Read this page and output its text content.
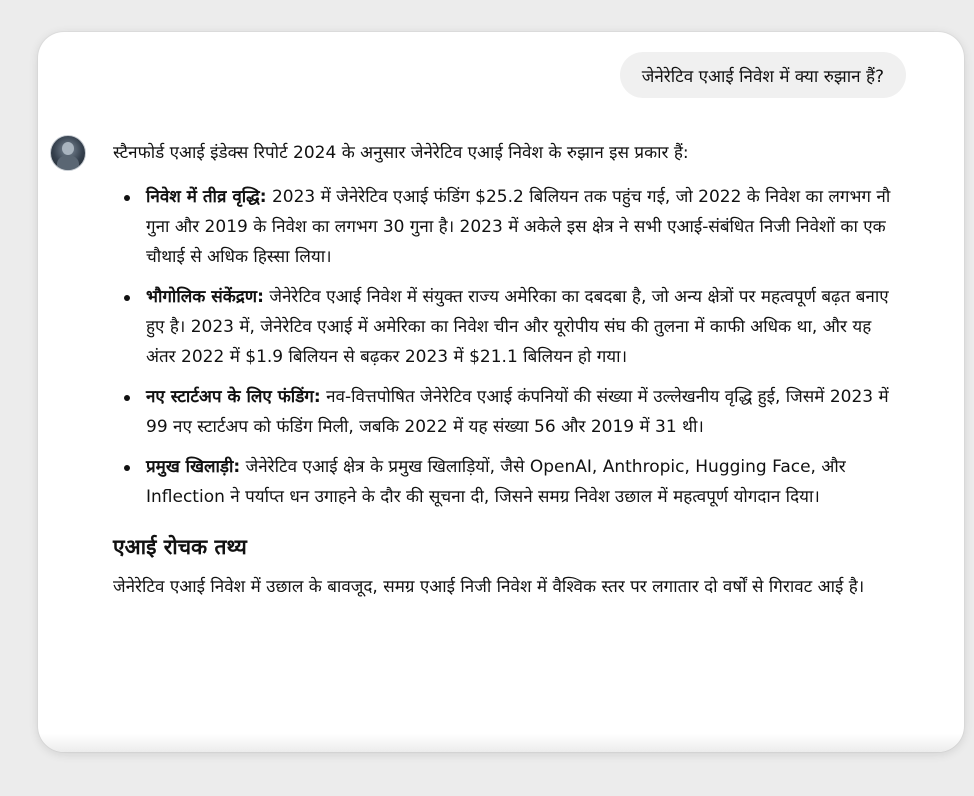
जेनेरेटिव एआई निवेश में क्या रुझान हैं?

स्टैनफोर्ड एआई इंडेक्स रिपोर्ट 2024 के अनुसार जेनेरेटिव एआई निवेश के रुझान इस प्रकार हैं:

निवेश में तीव्र वृद्धि: 2023 में जेनेरेटिव एआई फंडिंग $25.2 बिलियन तक पहुंच गई, जो 2022 के निवेश का लगभग नौ गुना और 2019 के निवेश का लगभग 30 गुना है। 2023 में अकेले इस क्षेत्र ने सभी एआई-संबंधित निजी निवेशों का एक चौथाई से अधिक हिस्सा लिया।
भौगोलिक संकेंद्रण: जेनेरेटिव एआई निवेश में संयुक्त राज्य अमेरिका का दबदबा है, जो अन्य क्षेत्रों पर महत्वपूर्ण बढ़त बनाए हुए है। 2023 में, जेनेरेटिव एआई में अमेरिका का निवेश चीन और यूरोपीय संघ की तुलना में काफी अधिक था, और यह अंतर 2022 में $1.9 बिलियन से बढ़कर 2023 में $21.1 बिलियन हो गया।
नए स्टार्टअप के लिए फंडिंग: नव-वित्तपोषित जेनेरेटिव एआई कंपनियों की संख्या में उल्लेखनीय वृद्धि हुई, जिसमें 2023 में 99 नए स्टार्टअप को फंडिंग मिली, जबकि 2022 में यह संख्या 56 और 2019 में 31 थी।
प्रमुख खिलाड़ी: जेनेरेटिव एआई क्षेत्र के प्रमुख खिलाड़ियों, जैसे OpenAI, Anthropic, Hugging Face, और Inflection ने पर्याप्त धन उगाहने के दौर की सूचना दी, जिसने समग्र निवेश उछाल में महत्वपूर्ण योगदान दिया।
एआई रोचक तथ्य

जेनेरेटिव एआई निवेश में उछाल के बावजूद, समग्र एआई निजी निवेश में वैश्विक स्तर पर लगातार दो वर्षों से गिरावट आई है।
